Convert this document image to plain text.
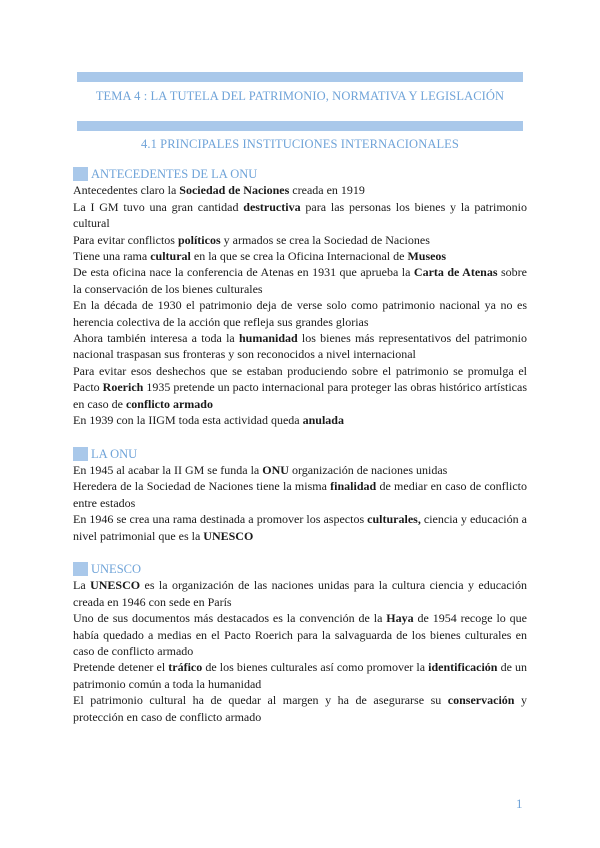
TEMA 4 : LA TUTELA DEL PATRIMONIO, NORMATIVA Y LEGISLACIÓN
4.1 PRINCIPALES INSTITUCIONES INTERNACIONALES
ANTECEDENTES DE LA ONU

Antecedentes claro la Sociedad de Naciones creada en 1919

La I GM tuvo una gran cantidad destructiva para las personas los bienes y la patrimonio cultural

Para evitar conflictos políticos y armados se crea la Sociedad de Naciones

Tiene una rama cultural en la que se crea la Oficina Internacional de Museos

De esta oficina nace la conferencia de Atenas en 1931 que aprueba la Carta de Atenas sobre la conservación de los bienes culturales

En la década de 1930 el patrimonio deja de verse solo como patrimonio nacional ya no es herencia colectiva de la acción que refleja sus grandes glorias

Ahora también interesa a toda la humanidad los bienes más representativos del patrimonio nacional traspasan sus fronteras y son reconocidos a nivel internacional

Para evitar esos deshechos que se estaban produciendo sobre el patrimonio se promulga el Pacto Roerich 1935 pretende un pacto internacional para proteger las obras histórico artísticas en caso de conflicto armado

En 1939 con la IIGM toda esta actividad queda anulada

LA ONU

En 1945 al acabar la II GM se funda la ONU organización de naciones unidas

Heredera de la Sociedad de Naciones tiene la misma finalidad de mediar en caso de conflicto entre estados

En 1946 se crea una rama destinada a promover los aspectos culturales, ciencia y educación a nivel patrimonial que es la UNESCO

UNESCO

La UNESCO es la organización de las naciones unidas para la cultura ciencia y educación creada en 1946 con sede en París

Uno de sus documentos más destacados es la convención de la Haya de 1954 recoge lo que había quedado a medias en el Pacto Roerich para la salvaguarda de los bienes culturales en caso de conflicto armado

Pretende detener el tráfico de los bienes culturales así como promover la identificación de un patrimonio común a toda la humanidad

El patrimonio cultural ha de quedar al margen y ha de asegurarse su conservación y protección en caso de conflicto armado

1
